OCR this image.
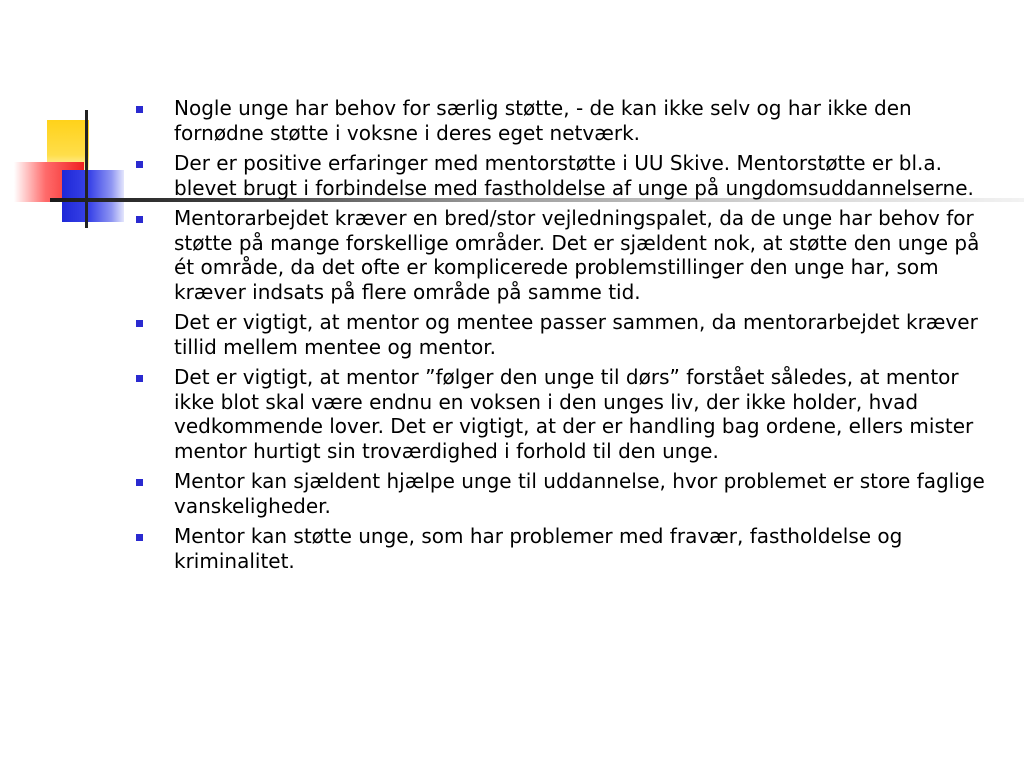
Nogle unge har behov for særlig støtte, - de kan ikke selv og har ikke den fornødne støtte i voksne i deres eget netværk.
Der er positive erfaringer med mentorstøtte i UU Skive. Mentorstøtte er bl.a. blevet brugt i forbindelse med fastholdelse af unge på ungdomsuddannelserne.
Mentorarbejdet kræver en bred/stor vejledningspalet, da de unge har behov for støtte på mange forskellige områder. Det er sjældent nok, at støtte den unge på ét område, da det ofte er komplicerede problemstillinger den unge har, som kræver indsats på flere område på samme tid.
Det er vigtigt, at mentor og mentee passer sammen, da mentorarbejdet kræver tillid mellem mentee og mentor.
Det er vigtigt, at mentor ”følger den unge til dørs” forstået således, at mentor ikke blot skal være endnu en voksen i den unges liv, der ikke holder, hvad vedkommende lover. Det er vigtigt, at der er handling bag ordene, ellers mister mentor hurtigt sin troværdighed i forhold til den unge.
Mentor kan sjældent hjælpe unge til uddannelse, hvor problemet er store faglige vanskeligheder.
Mentor kan støtte unge, som har problemer med fravær, fastholdelse og kriminalitet.
